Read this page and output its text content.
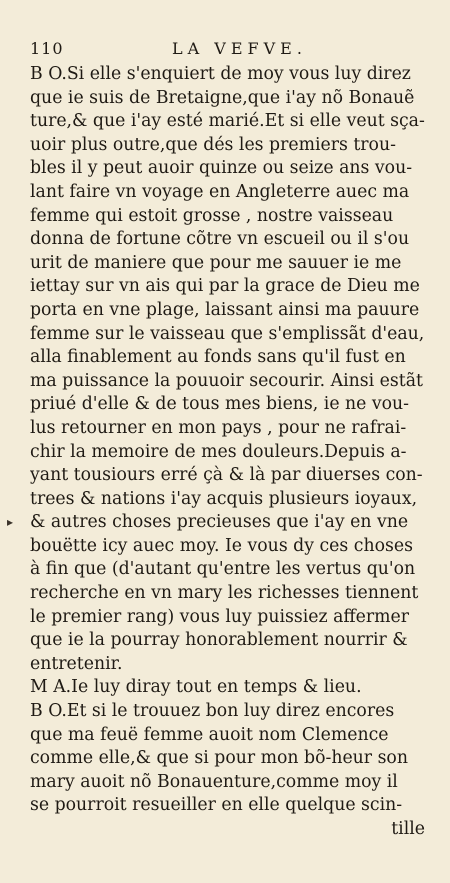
110	LA VEFVE.
▸
B O.Si elle s'enquiert de moy vous luy direz
que ie suis de Bretaigne,que i'ay nõ Bonauẽ
ture,& que i'ay esté marié.Et si elle veut sça-
uoir plus outre,que dés les premiers trou-
bles il y peut auoir quinze ou seize ans vou-
lant faire vn voyage en Angleterre auec ma
femme qui estoit grosse , nostre vaisseau
donna de fortune cõtre vn escueil ou il s'ou
urit de maniere que pour me sauuer ie me
iettay sur vn ais qui par la grace de Dieu me
porta en vne plage, laissant ainsi ma pauure
femme sur le vaisseau que s'emplissãt d'eau,
alla finablement au fonds sans qu'il fust en
ma puissance la pouuoir secourir. Ainsi estãt
priué d'elle & de tous mes biens, ie ne vou-
lus retourner en mon pays , pour ne rafrai-
chir la memoire de mes douleurs.Depuis a-
yant tousiours erré çà & là par diuerses con-
trees & nations i'ay acquis plusieurs ioyaux,
& autres choses precieuses que i'ay en vne
bouëtte icy auec moy. Ie vous dy ces choses
à fin que (d'autant qu'entre les vertus qu'on
recherche en vn mary les richesses tiennent
le premier rang) vous luy puissiez affermer
que ie la pourray honorablement nourrir &
entretenir.
M A.Ie luy diray tout en temps & lieu.
B O.Et si le trouuez bon luy direz encores
que ma feuë femme auoit nom Clemence
comme elle,& que si pour mon bõ-heur son
mary auoit nõ Bonauenture,comme moy il
se pourroit resueiller en elle quelque scin-
tille
